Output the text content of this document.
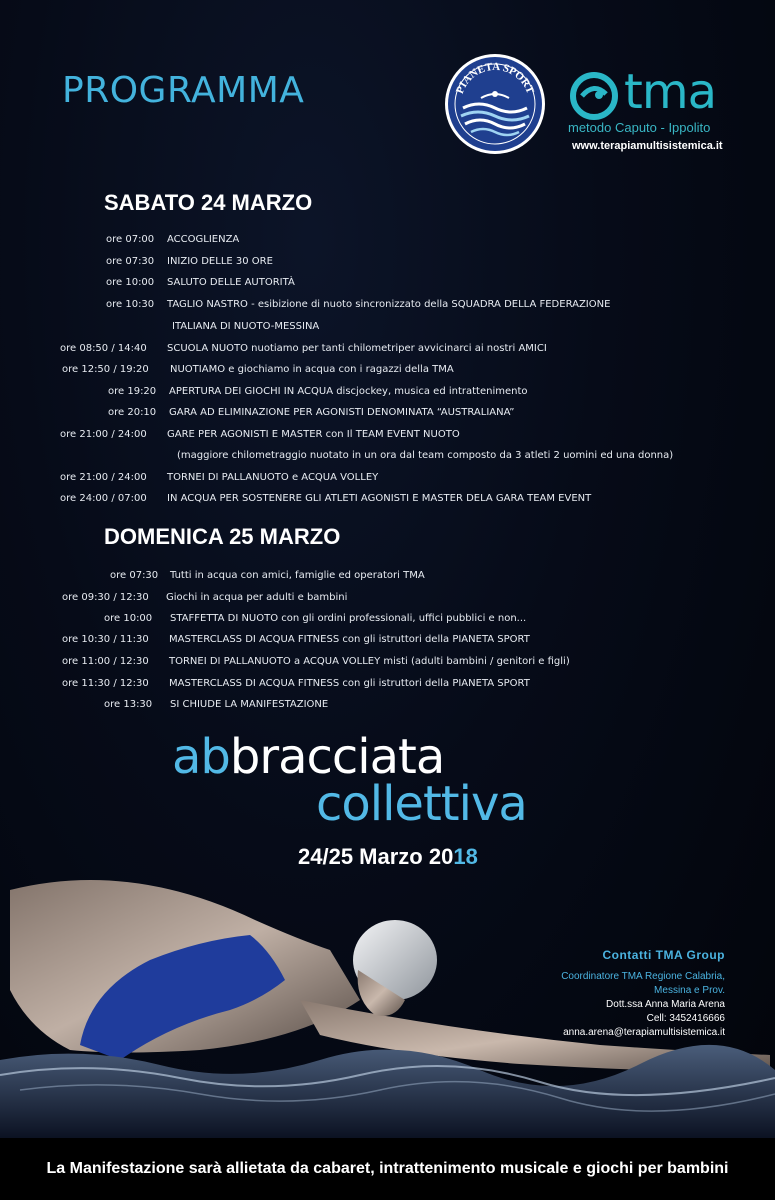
PROGRAMMA	PIANETA SPORT tma
metodo Caputo - Ippolito
www.terapiamultisistemica.it
SABATO 24 MARZO
ore 07:00 ACCOGLIENZA
ore 07:30 INIZIO DELLE 30 ORE
ore 10:00 SALUTO DELLE AUTORITÀ
ore 10:30 TAGLIO NASTRO - esibizione di nuoto sincronizzato della SQUADRA DELLA FEDERAZIONE
ITALIANA DI NUOTO-MESSINA
ore 08:50 / 14:40 SCUOLA NUOTO nuotiamo per tanti chilometriper avvicinarci ai nostri AMICI
ore 12:50 / 19:20 NUOTIAMO e giochiamo in acqua con i ragazzi della TMA
ore 19:20 APERTURA DEI GIOCHI IN ACQUA discjockey, musica ed intrattenimento
ore 20:10 GARA AD ELIMINAZIONE PER AGONISTI DENOMINATA “AUSTRALIANA”
ore 21:00 / 24:00 GARE PER AGONISTI E MASTER con Il TEAM EVENT NUOTO
(maggiore chilometraggio nuotato in un ora dal team composto da 3 atleti 2 uomini ed una donna)
ore 21:00 / 24:00 TORNEI DI PALLANUOTO e ACQUA VOLLEY
ore 24:00 / 07:00 IN ACQUA PER SOSTENERE GLI ATLETI AGONISTI E MASTER DELA GARA TEAM EVENT
DOMENICA 25 MARZO
ore 07:30 Tutti in acqua con amici, famiglie ed operatori TMA
ore 09:30 / 12:30 Giochi in acqua per adulti e bambini
ore 10:00 STAFFETTA DI NUOTO con gli ordini professionali, uffici pubblici e non...
ore 10:30 / 11:30 MASTERCLASS DI ACQUA FITNESS con gli istruttori della PIANETA SPORT
ore 11:00 / 12:30 TORNEI DI PALLANUOTO a ACQUA VOLLEY misti (adulti bambini / genitori e figli)
ore 11:30 / 12:30 MASTERCLASS DI ACQUA FITNESS con gli istruttori della PIANETA SPORT
ore 13:30 SI CHIUDE LA MANIFESTAZIONE
abbracciata
collettiva
24/25 Marzo 2018
Contatti TMA Group
Coordinatore TMA Regione Calabria,
Messina e Prov.
Dott.ssa Anna Maria Arena
Cell: 3452416666
anna.arena@terapiamultisistemica.it
La Manifestazione sarà allietata da cabaret, intrattenimento musicale e giochi per bambini
